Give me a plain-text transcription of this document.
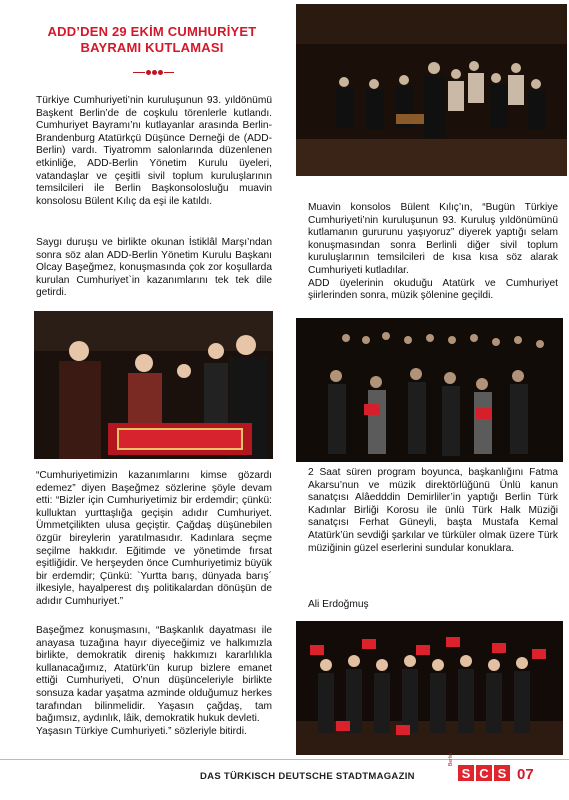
ADD’DEN 29 EKİM CUMHURİYET
BAYRAMI KUTLAMASI

Türkiye Cumhuriyeti’nin kuruluşunun 93. yıldönümü Başkent Berlin’de de coşkulu törenlerle kutlandı. Cumhuriyet Bayramı’nı kutlayanlar arasında Berlin-Brandenburg Atatürkçü Düşünce Derneği de (ADD-Berlin) vardı. Tiyatromm salonlarında düzenlenen etkinliğe, ADD-Berlin Yönetim Kurulu üyeleri, vatandaşlar ve çeşitli sivil toplum kuruluşlarının temsilcileri ile Berlin Başkonsolosluğu muavin konsolosu Bülent Kılıç da eşi ile katıldı.

Saygı duruşu ve birlikte okunan İstiklâl Marşı’ndan sonra söz alan ADD-Berlin Yönetim Kurulu Başkanı Olcay Başeğmez, konuşmasında çok zor koşullarda kurulan Cumhuriyet`in kazanımlarını tek tek dile getirdi.

Muavin konsolos Bülent Kılıç’ın, “Bugün Türkiye Cumhuriyeti’nin kuruluşunun 93. Kuruluş yıldönümünü kutlamanın gururunu yaşıyoruz” diyerek yaptığı selam konuşmasından sonra Berlinli diğer sivil toplum kuruluşlarının temsilcileri de kısa kısa söz alarak Cumhuriyeti kutladılar.
ADD üyelerinin okuduğu Atatürk ve Cumhuriyet şiirlerinden sonra, müzik şölenine geçildi.

“Cumhuriyetimizin kazanımlarını kimse gözardı edemez” diyen Başeğmez sözlerine şöyle devam etti: “Bizler için Cumhuriyetimiz bir erdemdir; çünkü: kulluktan yurttaşlığa geçişin adıdır Cumhuriyet. Ümmetçilikten ulusa geçiştir. Çağdaş düşünebilen özgür bireylerin yaratılmasıdır. Kadınlara seçme seçilme hakkıdır. Eğitimde ve yönetimde fırsat eşitliğidir. Ve herşeyden önce Cumhuriyetimiz büyük bir erdemdir; Çünkü: `Yurtta barış, dünyada barış´ ilkesiyle, hayalperest dış politikalardan dönüşün de adıdır Cumhuriyet.”

Başeğmez konuşmasını, “Başkanlık dayatması ile anayasa tuzağına hayır diyeceğimiz ve halkımızla birlikte, demokratik direniş hakkımızı kararlılıkla kullanacağımız, Atatürk’ün kurup bizlere emanet ettiği Cumhuriyeti, O’nun düşünceleriyle birlikte sonsuza kadar yaşatma azminde olduğumuz herkes tarafından bilinmelidir. Yaşasın çağdaş, tam bağımsız, aydınlık, lâik, demokratik hukuk devleti.
Yaşasın Türkiye Cumhuriyeti.” sözleriyle bitirdi.

2 Saat süren program boyunca, başkanlığını Fatma Akarsu’nun ve müzik direktörlüğünü Ünlü kanun sanatçısı Alâedddin Demirliler’in yaptığı Berlin Türk Kadınlar Birliği Korosu ile ünlü Türk Halk Müziği sanatçısı Ferhat Güneyli, başta Mustafa Kemal Atatürk’ün sevdiği şarkılar ve türküler olmak üzere Türk müziğinin güzel eserlerini sundular konuklara.

Ali Erdoğmuş

DAS TÜRKISCH DEUTSCHE STADTMAGAZIN
Berlin
S C S 07
